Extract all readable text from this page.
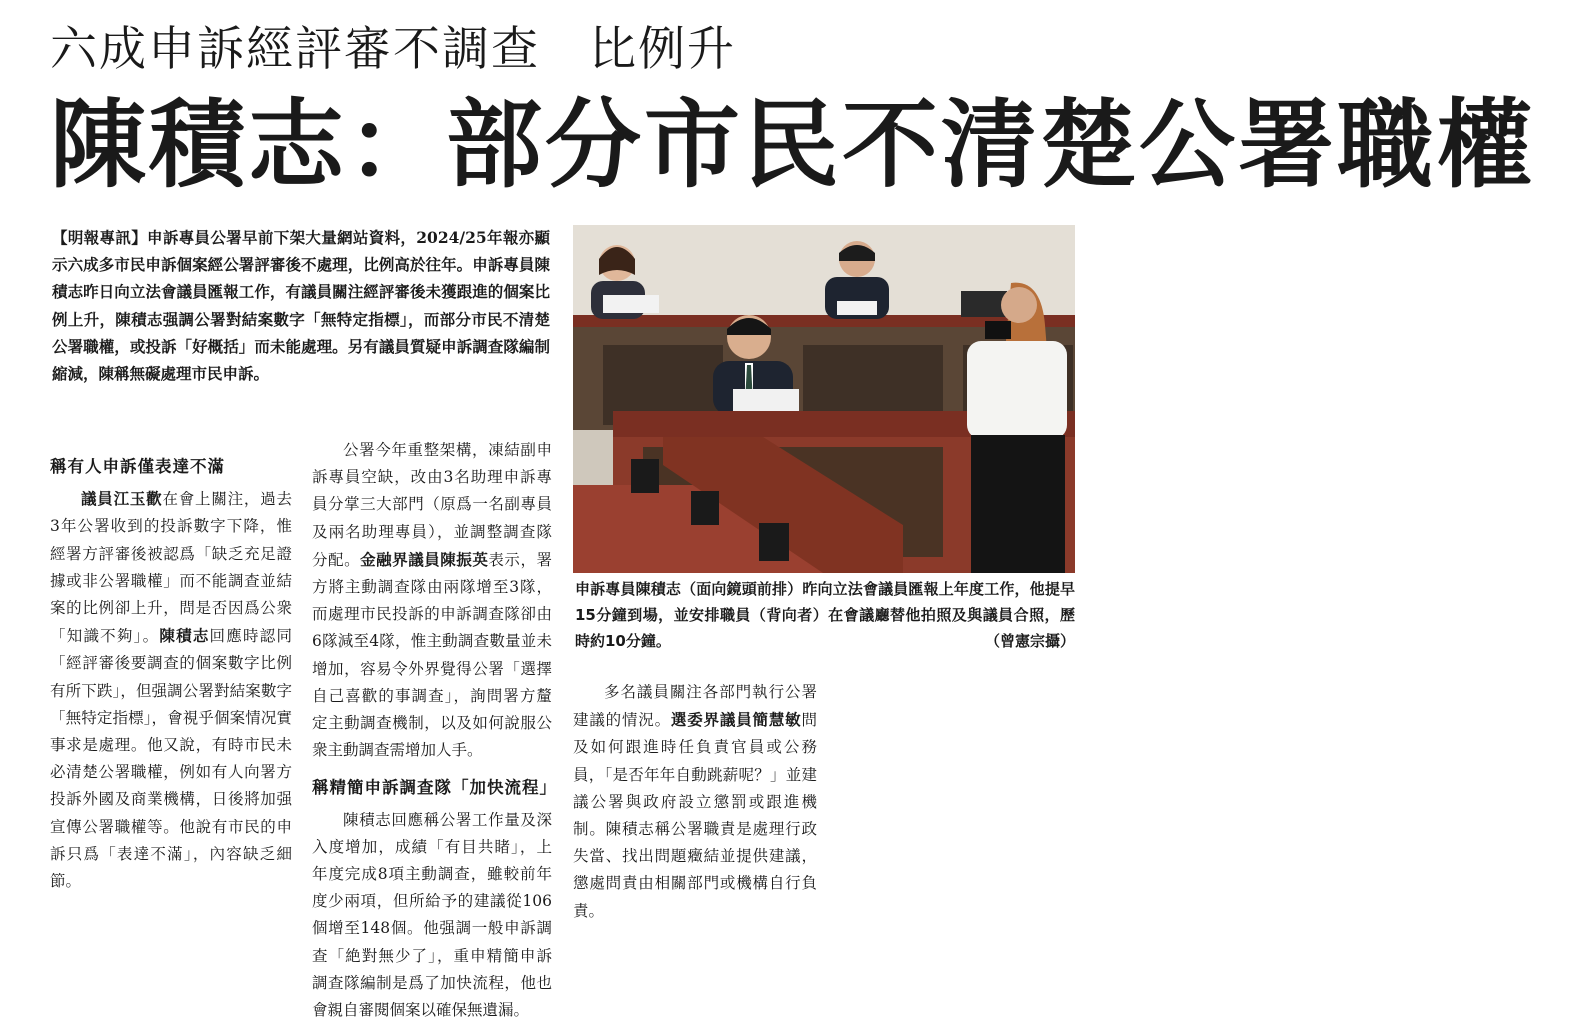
六成申訴經評審不調查　比例升
陳積志：部分市民不清楚公署職權

【明報專訊】申訴專員公署早前下架大量網站資料，2024/25年報亦顯示六成多市民申訴個案經公署評審後不處理，比例高於往年。申訴專員陳積志昨日向立法會議員匯報工作，有議員關注經評審後未獲跟進的個案比例上升，陳積志强調公署對結案數字「無特定指標」，而部分市民不清楚公署職權，或投訴「好概括」而未能處理。另有議員質疑申訴調查隊編制縮減，陳稱無礙處理市民申訴。

稱有人申訴僅表達不滿

議員江玉歡在會上關注，過去3年公署收到的投訴數字下降，惟經署方評審後被認爲「缺乏充足證據或非公署職權」而不能調查並結案的比例卻上升，問是否因爲公衆「知識不夠」。陳積志回應時認同「經評審後要調查的個案數字比例有所下跌」，但强調公署對結案數字「無特定指標」，會視乎個案情况實事求是處理。他又說，有時市民未必清楚公署職權，例如有人向署方投訴外國及商業機構，日後將加强宣傳公署職權等。他說有市民的申訴只爲「表達不滿」，內容缺乏細節。

公署今年重整架構，凍結副申訴專員空缺，改由3名助理申訴專員分掌三大部門（原爲一名副專員及兩名助理專員），並調整調查隊分配。金融界議員陳振英表示，署方將主動調查隊由兩隊增至3隊，而處理市民投訴的申訴調查隊卻由6隊減至4隊，惟主動調查數量並未增加，容易令外界覺得公署「選擇自己喜歡的事調查」，詢問署方釐定主動調查機制，以及如何說服公衆主動調查需增加人手。

稱精簡申訴調查隊「加快流程」

陳積志回應稱公署工作量及深入度增加，成績「有目共睹」，上年度完成8項主動調查，雖較前年度少兩項，但所給予的建議從106個增至148個。他强調一般申訴調查「絶對無少了」，重申精簡申訴調查隊編制是爲了加快流程，他也會親自審閱個案以確保無遺漏。

申訴專員陳積志（面向鏡頭前排）昨向立法會議員匯報上年度工作，他提早15分鐘到場，並安排職員（背向者）在會議廳替他拍照及與議員合照，歷時約10分鐘。	（曾憲宗攝）

多名議員關注各部門執行公署建議的情況。選委界議員簡慧敏問及如何跟進時任負責官員或公務員，「是否年年自動跳薪呢？」並建議公署與政府設立懲罰或跟進機制。陳積志稱公署職責是處理行政失當、找出問題癥結並提供建議，懲處問責由相關部門或機構自行負責。
